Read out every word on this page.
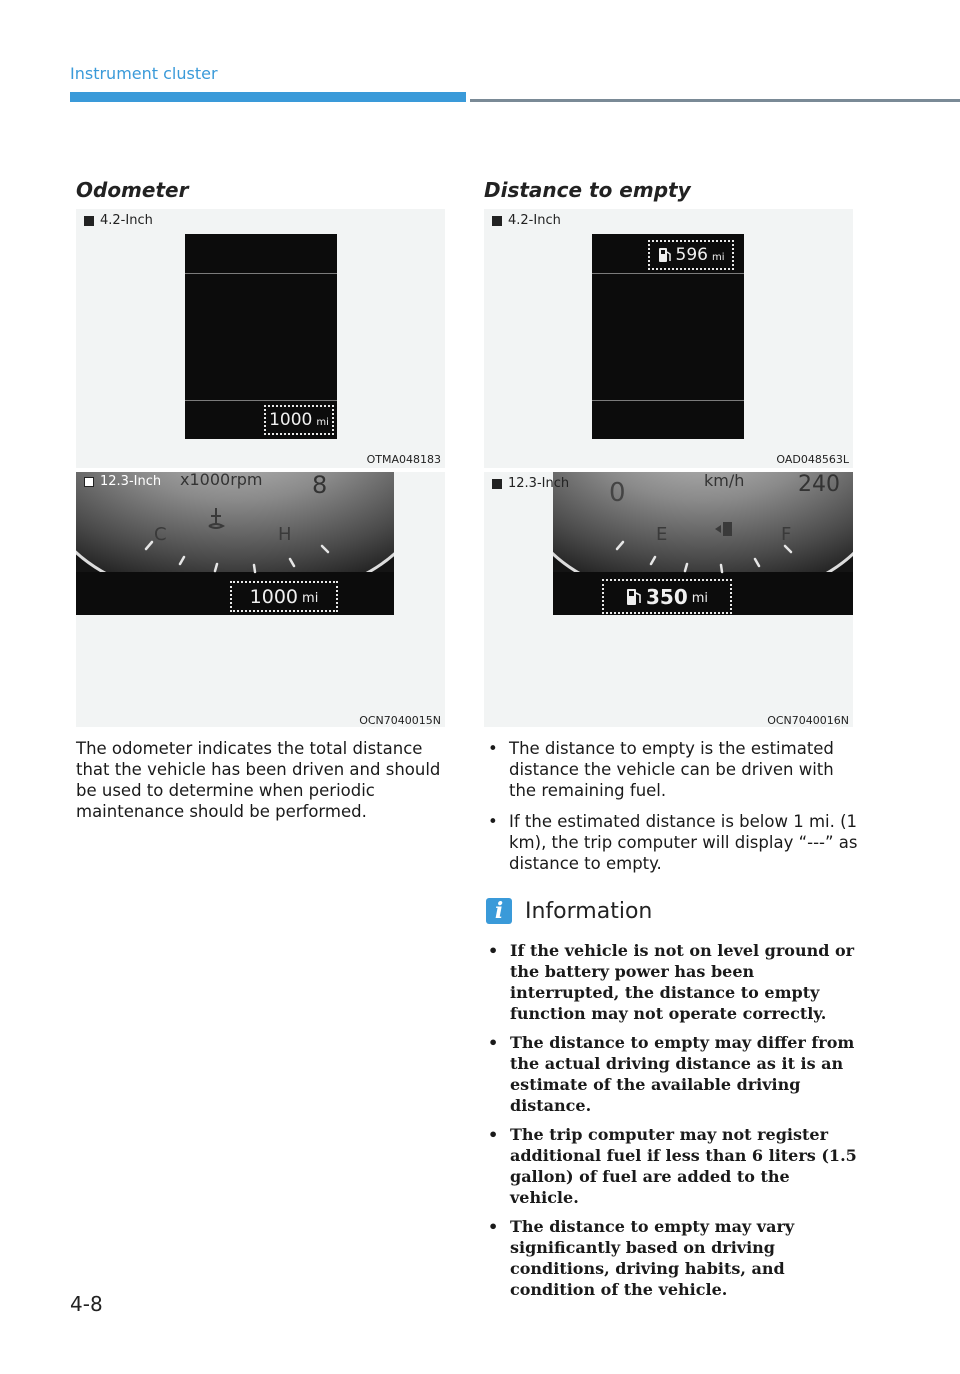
Instrument cluster
Odometer
4.2-Inch
1000 mi
OTMA048183
12.3-Inch x1000rpm 8
C	H
1000 mi
OCN7040015N
The odometer indicates the total distance that the vehicle has been driven and should be used to determine when periodic maintenance should be performed.
Distance to empty
4.2-Inch
596 mi
OAD048563L
12.3-Inch 0	km/h 240
E	F
350 mi
OCN7040016N
• The distance to empty is the estimated distance the vehicle can be driven with the remaining fuel.
• If the estimated distance is below 1 mi. (1 km), the trip computer will display “---” as distance to empty.
i Information
• If the vehicle is not on level ground or the battery power has been interrupted, the distance to empty function may not operate correctly.
• The distance to empty may differ from the actual driving distance as it is an estimate of the available driving distance.
• The trip computer may not register additional fuel if less than 6 liters (1.5 gallon) of fuel are added to the vehicle.
• The distance to empty may vary significantly based on driving conditions, driving habits, and condition of the vehicle.
4-8
